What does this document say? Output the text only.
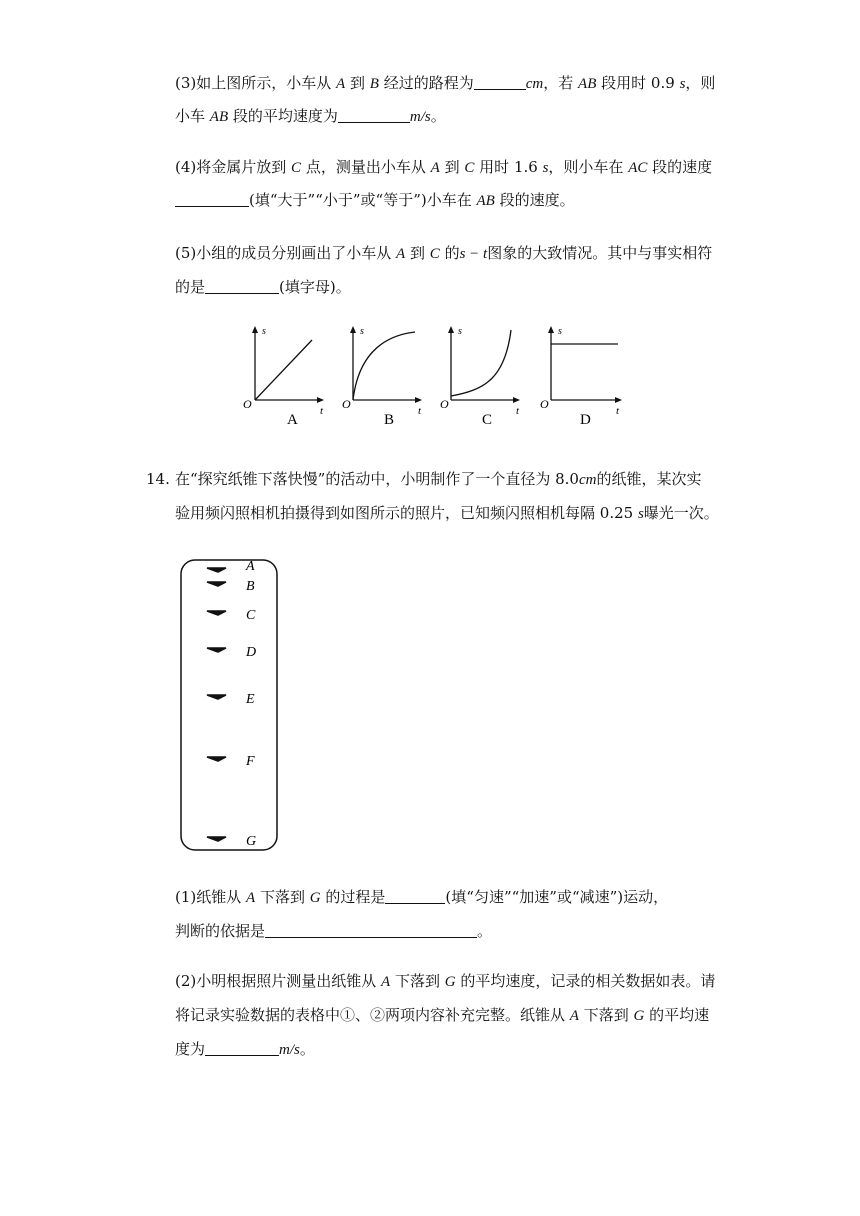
(3)如上图所示，小车从 A 到 B 经过的路程为	cm，若 AB 段用时 0.9 s，则
小车 AB 段的平均速度为	m/s。
(4)将金属片放到 C 点，测量出小车从 A 到 C 用时 1.6 s，则小车在 AC 段的速度
(填“大于”“小于”或“等于”)小车在 AB 段的速度。
(5)小组的成员分别画出了小车从 A 到 C 的s − t图象的大致情况。其中与事实相符
的是	(填字母)。
s
t
O
A
s
t
O
B
s
t
O
C
s
t
O
D
14. 在“探究纸锥下落快慢”的活动中，小明制作了一个直径为 8.0cm的纸锥，某次实
验用频闪照相机拍摄得到如图所示的照片，已知频闪照相机每隔 0.25 s曝光一次。
A
B
C
D
E
F
G
(1)纸锥从 A 下落到 G 的过程是	(填“匀速”“加速”或“减速”)运动，
判断的依据是	。
(2)小明根据照片测量出纸锥从 A 下落到 G 的平均速度，记录的相关数据如表。请
将记录实验数据的表格中①、②两项内容补充完整。纸锥从 A 下落到 G 的平均速
度为	m/s。
